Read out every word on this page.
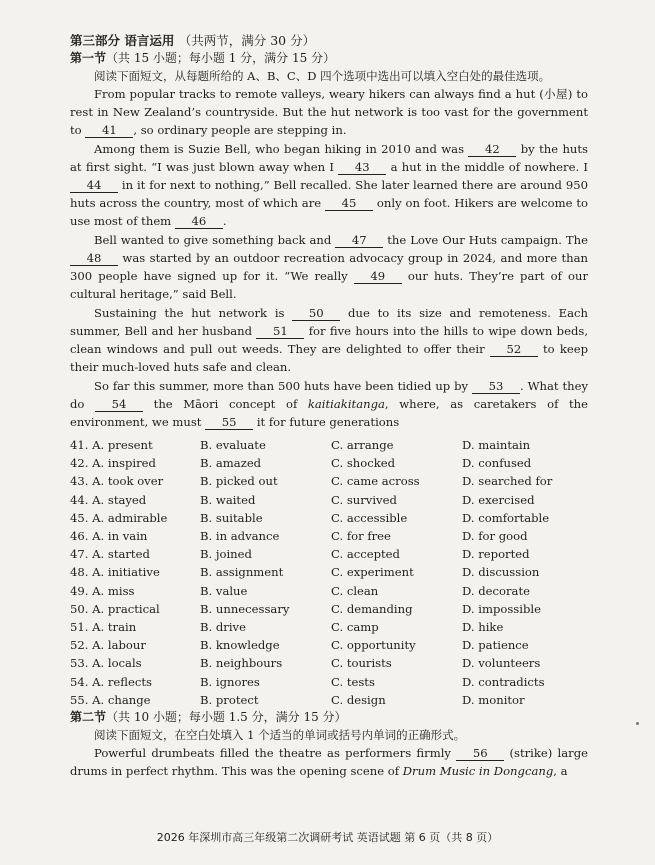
第三部分 语言运用 （共两节，满分 30 分）

第一节（共 15 小题；每小题 1 分，满分 15 分）

阅读下面短文，从每题所给的 A、B、C、D 四个选项中选出可以填入空白处的最佳选项。

From popular tracks to remote valleys, weary hikers can always find a hut (小屋) to rest in New Zealand’s countryside. But the hut network is too vast for the government to 41 , so ordinary people are stepping in.

Among them is Suzie Bell, who began hiking in 2010 and was 42 by the huts at first sight. “I was just blown away when I 43 a hut in the middle of nowhere. I 44 in it for next to nothing,” Bell recalled. She later learned there are around 950 huts across the country, most of which are 45 only on foot. Hikers are welcome to use most of them 46 .

Bell wanted to give something back and 47 the Love Our Huts campaign. The 48 was started by an outdoor recreation advocacy group in 2024, and more than 300 people have signed up for it. “We really 49 our huts. They’re part of our cultural heritage,” said Bell.

Sustaining the hut network is 50 due to its size and remoteness. Each summer, Bell and her husband 51 for five hours into the hills to wipe down beds, clean windows and pull out weeds. They are delighted to offer their 52 to keep their much-loved huts safe and clean.

So far this summer, more than 500 huts have been tidied up by 53 . What they do 54 the Māori concept of kaitiakitanga, where, as caretakers of the environment, we must 55 it for future generations

41. A. present	B. evaluate	C. arrange	D. maintain
42. A. inspired	B. amazed	C. shocked	D. confused
43. A. took over	B. picked out	C. came across	D. searched for
44. A. stayed	B. waited	C. survived	D. exercised
45. A. admirable	B. suitable	C. accessible	D. comfortable
46. A. in vain	B. in advance	C. for free	D. for good
47. A. started	B. joined	C. accepted	D. reported
48. A. initiative	B. assignment	C. experiment	D. discussion
49. A. miss	B. value	C. clean	D. decorate
50. A. practical	B. unnecessary	C. demanding	D. impossible
51. A. train	B. drive	C. camp	D. hike
52. A. labour	B. knowledge	C. opportunity	D. patience
53. A. locals	B. neighbours	C. tourists	D. volunteers
54. A. reflects	B. ignores	C. tests	D. contradicts
55. A. change	B. protect	C. design	D. monitor

第二节（共 10 小题；每小题 1.5 分，满分 15 分）

阅读下面短文，在空白处填入 1 个适当的单词或括号内单词的正确形式。

Powerful drumbeats filled the theatre as performers firmly 56 (strike) large drums in perfect rhythm. This was the opening scene of Drum Music in Dongcang, a

2026 年深圳市高三年级第二次调研考试 英语试题 第 6 页（共 8 页）
